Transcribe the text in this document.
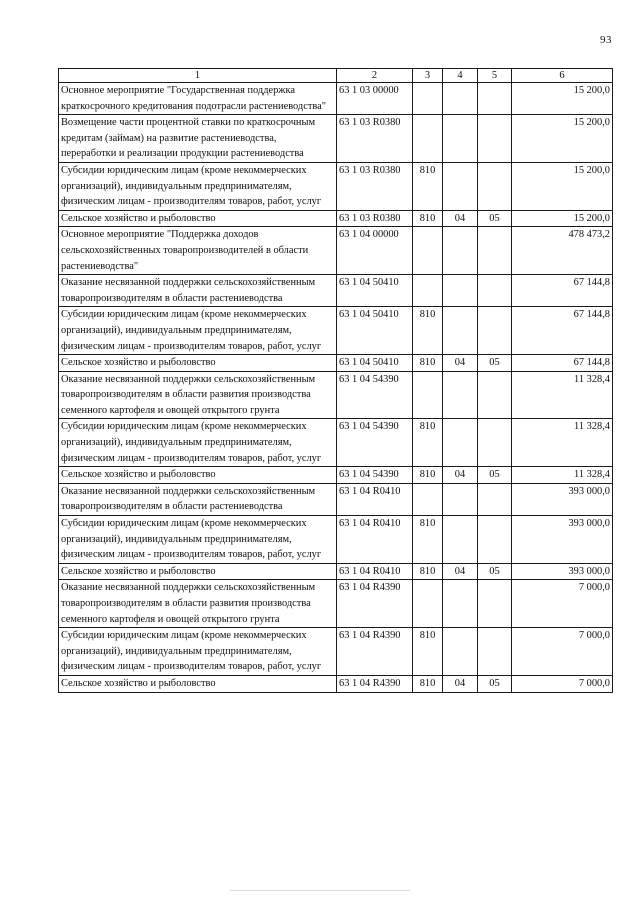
93
1	2	3	4	5	6
Основное мероприятие "Государственная поддержка краткосрочного кредитования подотрасли растениеводства"	63 1 03 00000				15 200,0
Возмещение части процентной ставки по краткосрочным кредитам (займам) на развитие растениеводства, переработки и реализации продукции растениеводства	63 1 03 R0380				15 200,0
Субсидии юридическим лицам (кроме некоммерческих организаций), индивидуальным предпринимателям, физическим лицам - производителям товаров, работ, услуг	63 1 03 R0380	810			15 200,0
Сельское хозяйство и рыболовство	63 1 03 R0380	810	04	05	15 200,0
Основное мероприятие "Поддержка доходов сельскохозяйственных товаропроизводителей в области растениеводства"	63 1 04 00000				478 473,2
Оказание несвязанной поддержки сельскохозяйственным товаропроизводителям в области растениеводства	63 1 04 50410				67 144,8
Субсидии юридическим лицам (кроме некоммерческих организаций), индивидуальным предпринимателям, физическим лицам - производителям товаров, работ, услуг	63 1 04 50410	810			67 144,8
Сельское хозяйство и рыболовство	63 1 04 50410	810	04	05	67 144,8
Оказание несвязанной поддержки сельскохозяйственным товаропроизводителям в области развития производства семенного картофеля и овощей открытого грунта	63 1 04 54390				11 328,4
Субсидии юридическим лицам (кроме некоммерческих организаций), индивидуальным предпринимателям, физическим лицам - производителям товаров, работ, услуг	63 1 04 54390	810			11 328,4
Сельское хозяйство и рыболовство	63 1 04 54390	810	04	05	11 328,4
Оказание несвязанной поддержки сельскохозяйственным товаропроизводителям в области растениеводства	63 1 04 R0410				393 000,0
Субсидии юридическим лицам (кроме некоммерческих организаций), индивидуальным предпринимателям, физическим лицам - производителям товаров, работ, услуг	63 1 04 R0410	810			393 000,0
Сельское хозяйство и рыболовство	63 1 04 R0410	810	04	05	393 000,0
Оказание несвязанной поддержки сельскохозяйственным товаропроизводителям в области развития производства семенного картофеля и овощей открытого грунта	63 1 04 R4390				7 000,0
Субсидии юридическим лицам (кроме некоммерческих организаций), индивидуальным предпринимателям, физическим лицам - производителям товаров, работ, услуг	63 1 04 R4390	810			7 000,0
Сельское хозяйство и рыболовство	63 1 04 R4390	810	04	05	7 000,0
